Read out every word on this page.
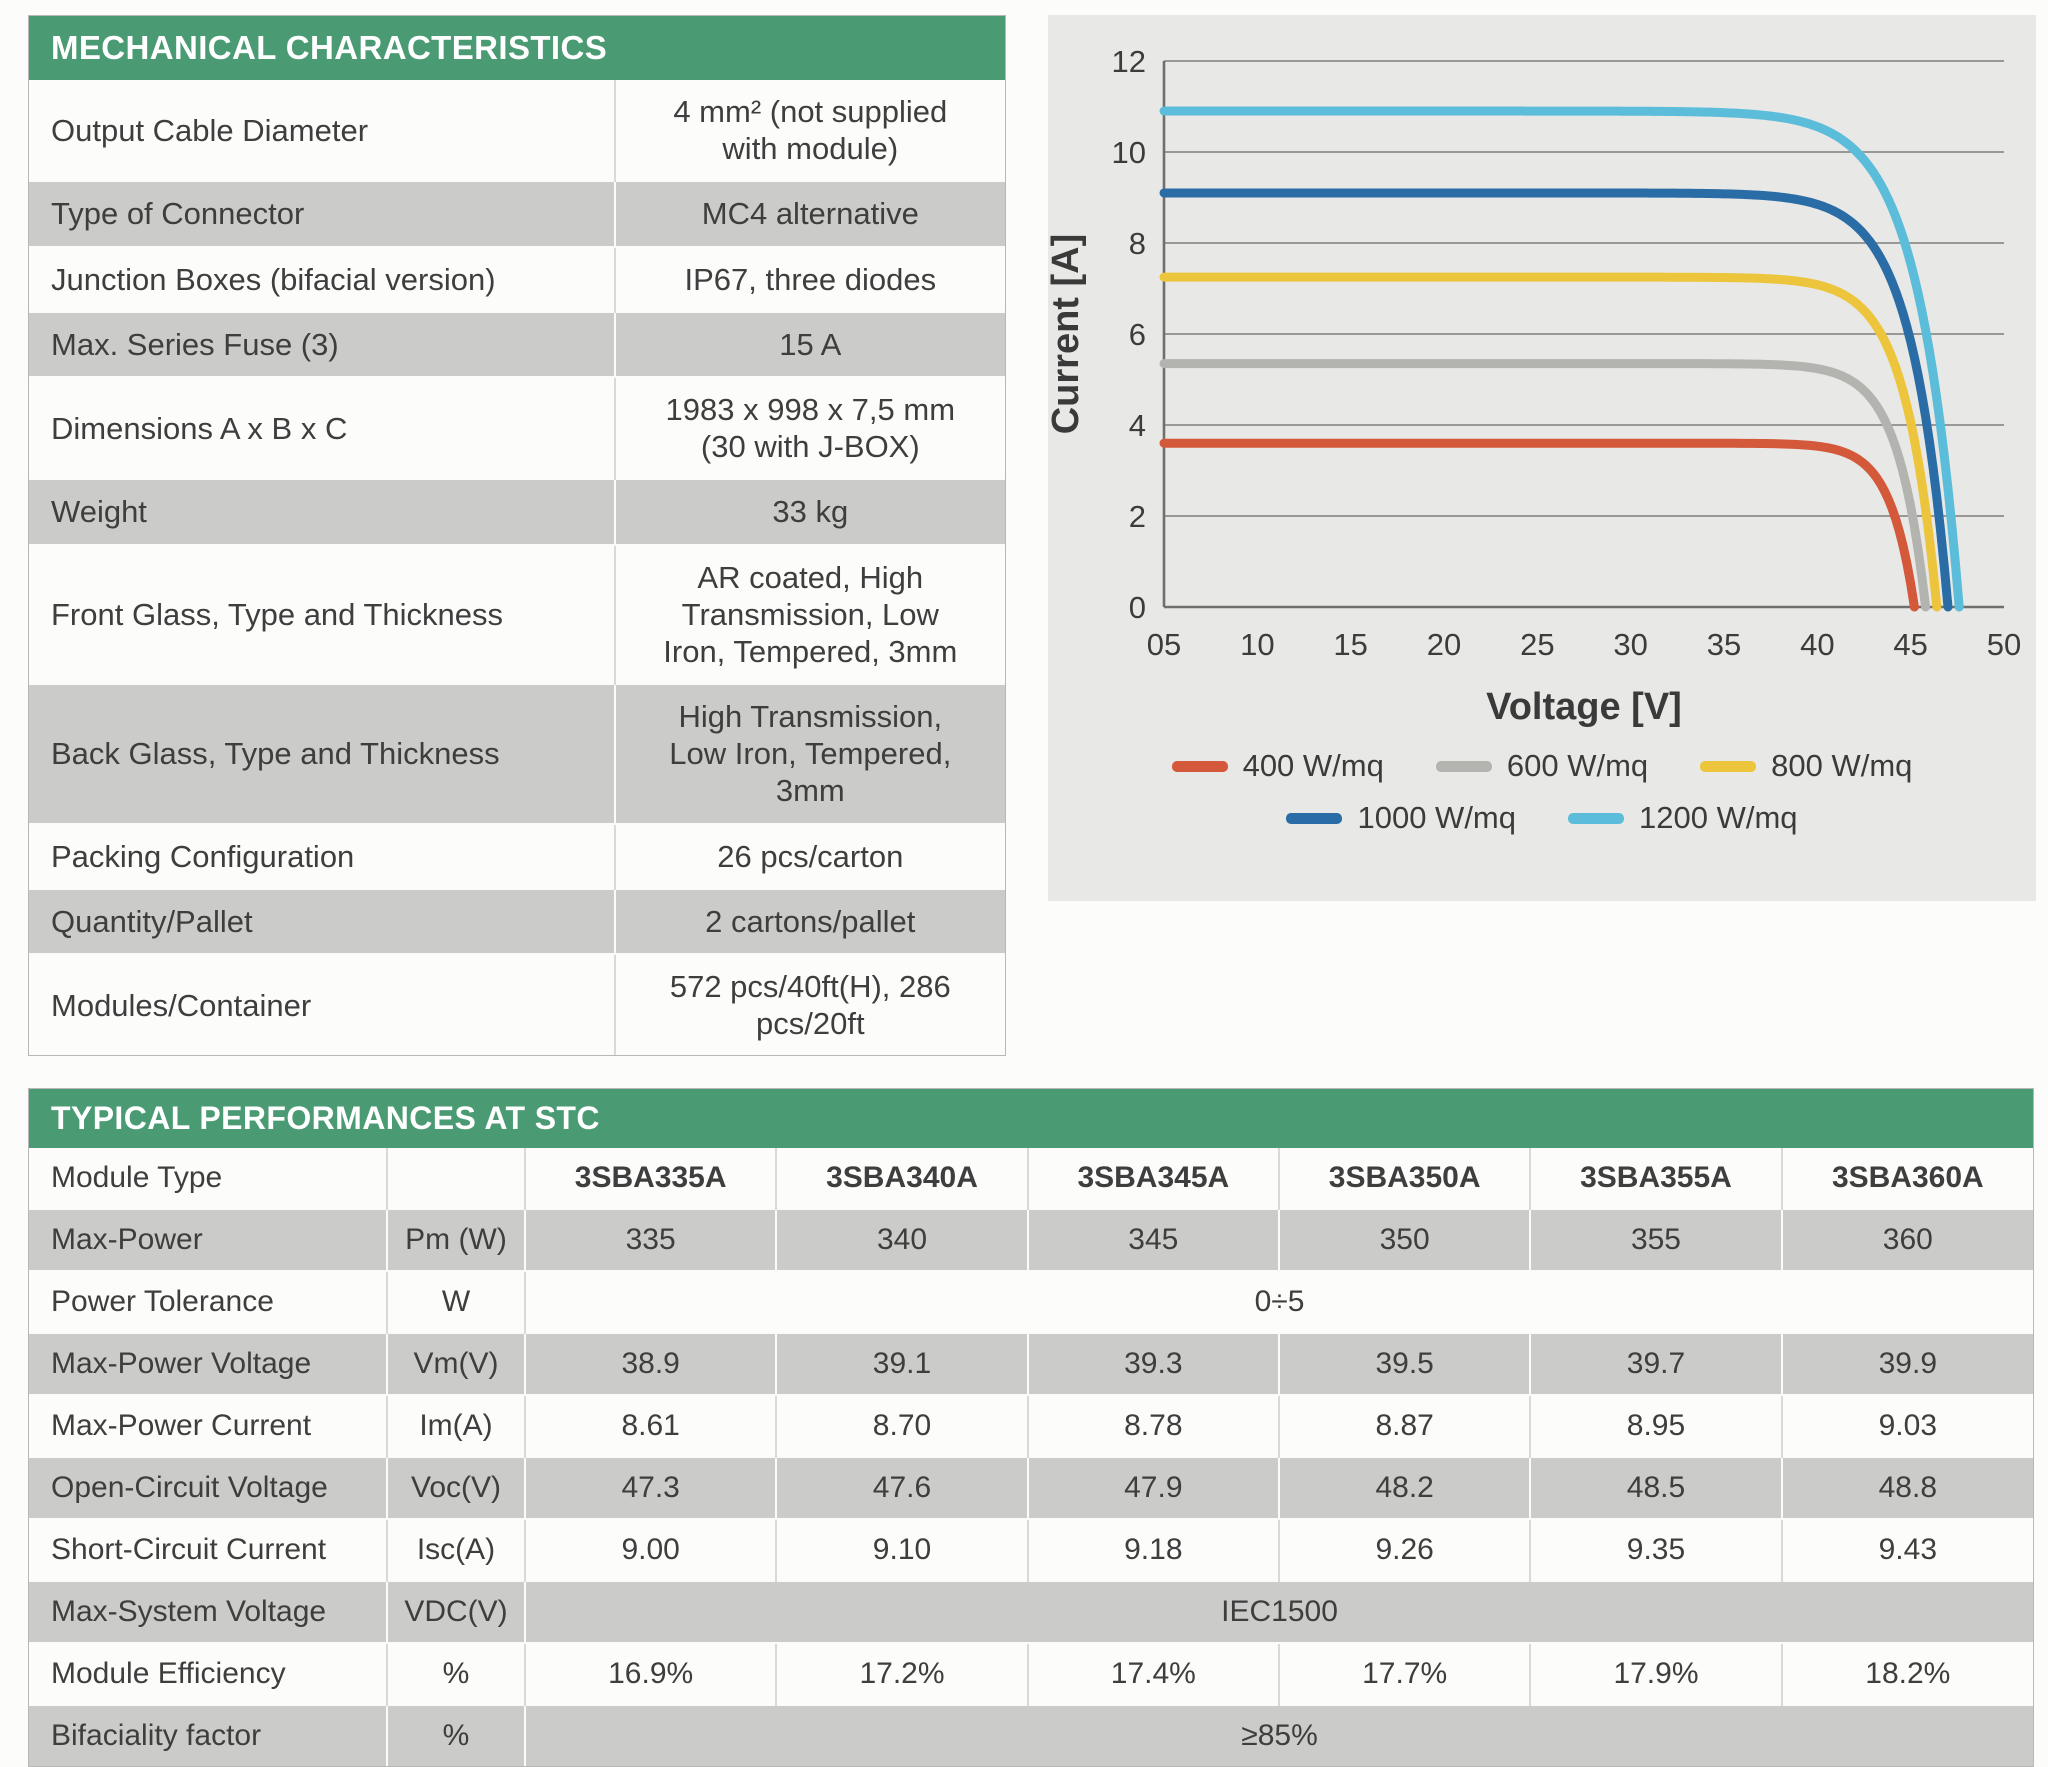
MECHANICAL CHARACTERISTICS
Output Cable Diameter	4 mm² (not supplied with module)
Type of Connector	MC4 alternative
Junction Boxes (bifacial version)	IP67, three diodes
Max. Series Fuse (3)	15 A
Dimensions A x B x C	1983 x 998 x 7,5 mm (30 with J-BOX)
Weight	33 kg
Front Glass, Type and Thickness	AR coated, High Transmission, Low Iron, Tempered, 3mm
Back Glass, Type and Thickness	High Transmission, Low Iron, Tempered, 3mm
Packing Configuration	26 pcs/carton
Quantity/Pallet	2 cartons/pallet
Modules/Container	572 pcs/40ft(H), 286 pcs/20ft
0
2
4
6
8
10
12
05 10 15 20 25 30 35 40 45 50
Voltage [V]
Current [A]
400 W/mq	600 W/mq	800 W/mq
1000 W/mq	1200 W/mq
TYPICAL PERFORMANCES AT STC
Module Type		3SBA335A	3SBA340A	3SBA345A	3SBA350A	3SBA355A	3SBA360A
Max-Power	Pm (W)	335	340	345	350	355	360
Power Tolerance	W	0÷5					
Max-Power Voltage	Vm(V)	38.9	39.1	39.3	39.5	39.7	39.9
Max-Power Current	Im(A)	8.61	8.70	8.78	8.87	8.95	9.03
Open-Circuit Voltage	Voc(V)	47.3	47.6	47.9	48.2	48.5	48.8
Short-Circuit Current	Isc(A)	9.00	9.10	9.18	9.26	9.35	9.43
Max-System Voltage	VDC(V)	IEC1500					
Module Efficiency	%	16.9%	17.2%	17.4%	17.7%	17.9%	18.2%
Bifaciality factor	%	≥85%					
